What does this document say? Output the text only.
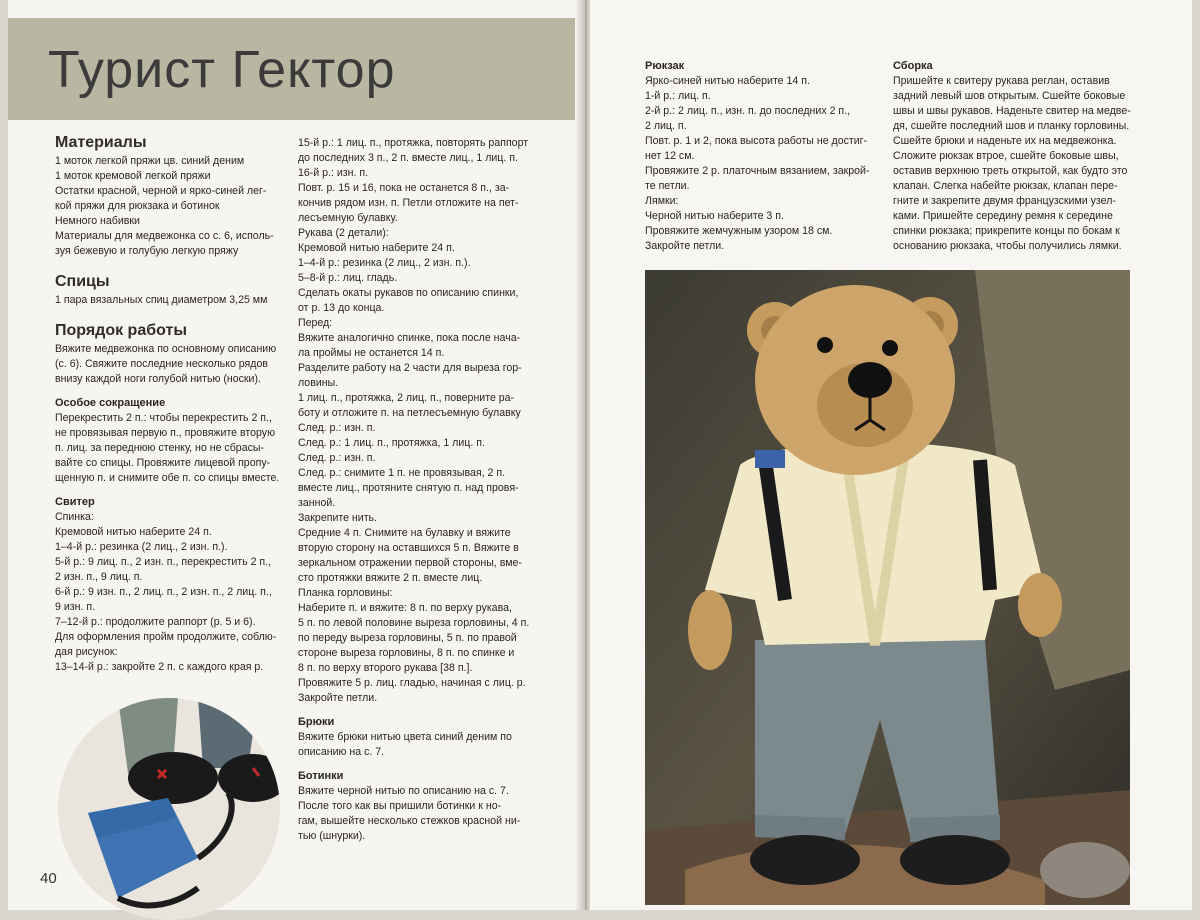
Турист Гектор

Материалы

1 моток легкой пряжи цв. синий деним

1 моток кремовой легкой пряжи

Остатки красной, черной и ярко-синей лег-

кой пряжи для рюкзака и ботинок

Немного набивки

Материалы для медвежонка со с. 6, исполь-

зуя бежевую и голубую легкую пряжу

Спицы

1 пара вязальных спиц диаметром 3,25 мм

Порядок работы

Вяжите медвежонка по основному описанию

(с. 6). Свяжите последние несколько рядов

внизу каждой ноги голубой нитью (носки).

Особое сокращение

Перекрестить 2 п.: чтобы перекрестить 2 п.,

не провязывая первую п., провяжите вторую

п. лиц. за переднюю стенку, но не сбрасы-

вайте со спицы. Провяжите лицевой пропу-

щенную п. и снимите обе п. со спицы вместе.

Свитер

Спинка:

Кремовой нитью наберите 24 п.

1–4-й р.: резинка (2 лиц., 2 изн. п.).

5-й р.: 9 лиц. п., 2 изн. п., перекрестить 2 п.,

2 изн. п., 9 лиц. п.

6-й р.: 9 изн. п., 2 лиц. п., 2 изн. п., 2 лиц. п.,

9 изн. п.

7–12-й р.: продолжите раппорт (р. 5 и 6).

Для оформления пройм продолжите, соблю-

дая рисунок:

13–14-й р.: закройте 2 п. с каждого края р.

15-й р.: 1 лиц. п., протяжка, повторять раппорт

до последних 3 п., 2 п. вместе лиц., 1 лиц. п.

16-й р.: изн. п.

Повт. р. 15 и 16, пока не останется 8 п., за-

кончив рядом изн. п. Петли отложите на пет-

лесъемную булавку.

Рукава (2 детали):

Кремовой нитью наберите 24 п.

1–4-й р.: резинка (2 лиц., 2 изн. п.).

5–8-й р.: лиц. гладь.

Сделать окаты рукавов по описанию спинки,

от р. 13 до конца.

Перед:

Вяжите аналогично спинке, пока после нача-

ла проймы не останется 14 п.

Разделите работу на 2 части для выреза гор-

ловины.

1 лиц. п., протяжка, 2 лиц. п., поверните ра-

боту и отложите п. на петлесъемную булавку

След. р.: изн. п.

След. р.: 1 лиц. п., протяжка, 1 лиц. п.

След. р.: изн. п.

След. р.: снимите 1 п. не провязывая, 2 п.

вместе лиц., протяните снятую п. над провя-

занной.

Закрепите нить.

Средние 4 п. Снимите на булавку и вяжите

вторую сторону на оставшихся 5 п. Вяжите в

зеркальном отражении первой стороны, вме-

сто протяжки вяжите 2 п. вместе лиц.

Планка горловины:

Наберите п. и вяжите: 8 п. по верху рукава,

5 п. по левой половине выреза горловины, 4 п.

по переду выреза горловины, 5 п. по правой

стороне выреза горловины, 8 п. по спинке и

8 п. по верху второго рукава [38 п.].

Провяжите 5 р. лиц. гладью, начиная с лиц. р.

Закройте петли.

Брюки

Вяжите брюки нитью цвета синий деним по

описанию на с. 7.

Ботинки

Вяжите черной нитью по описанию на с. 7.

После того как вы пришили ботинки к но-

гам, вышейте несколько стежков красной ни-

тью (шнурки).

Рюкзак

Ярко-синей нитью наберите 14 п.

1-й р.: лиц. п.

2-й р.: 2 лиц. п., изн. п. до последних 2 п.,

2 лиц. п.

Повт. р. 1 и 2, пока высота работы не достиг-

нет 12 см.

Провяжите 2 р. платочным вязанием, закрой-

те петли.

Лямки:

Черной нитью наберите 3 п.

Провяжите жемчужным узором 18 см.

Закройте петли.

Сборка

Пришейте к свитеру рукава реглан, оставив

задний левый шов открытым. Сшейте боковые

швы и швы рукавов. Наденьте свитер на медве-

дя, сшейте последний шов и планку горловины.

Сшейте брюки и наденьте их на медвежонка.

Сложите рюкзак втрое, сшейте боковые швы,

оставив верхнюю треть открытой, как будто это

клапан. Слегка набейте рюкзак, клапан пере-

гните и закрепите двумя французскими узел-

ками. Пришейте середину ремня к середине

спинки рюкзака; прикрепите концы по бокам к

основанию рюкзака, чтобы получились лямки.

40
